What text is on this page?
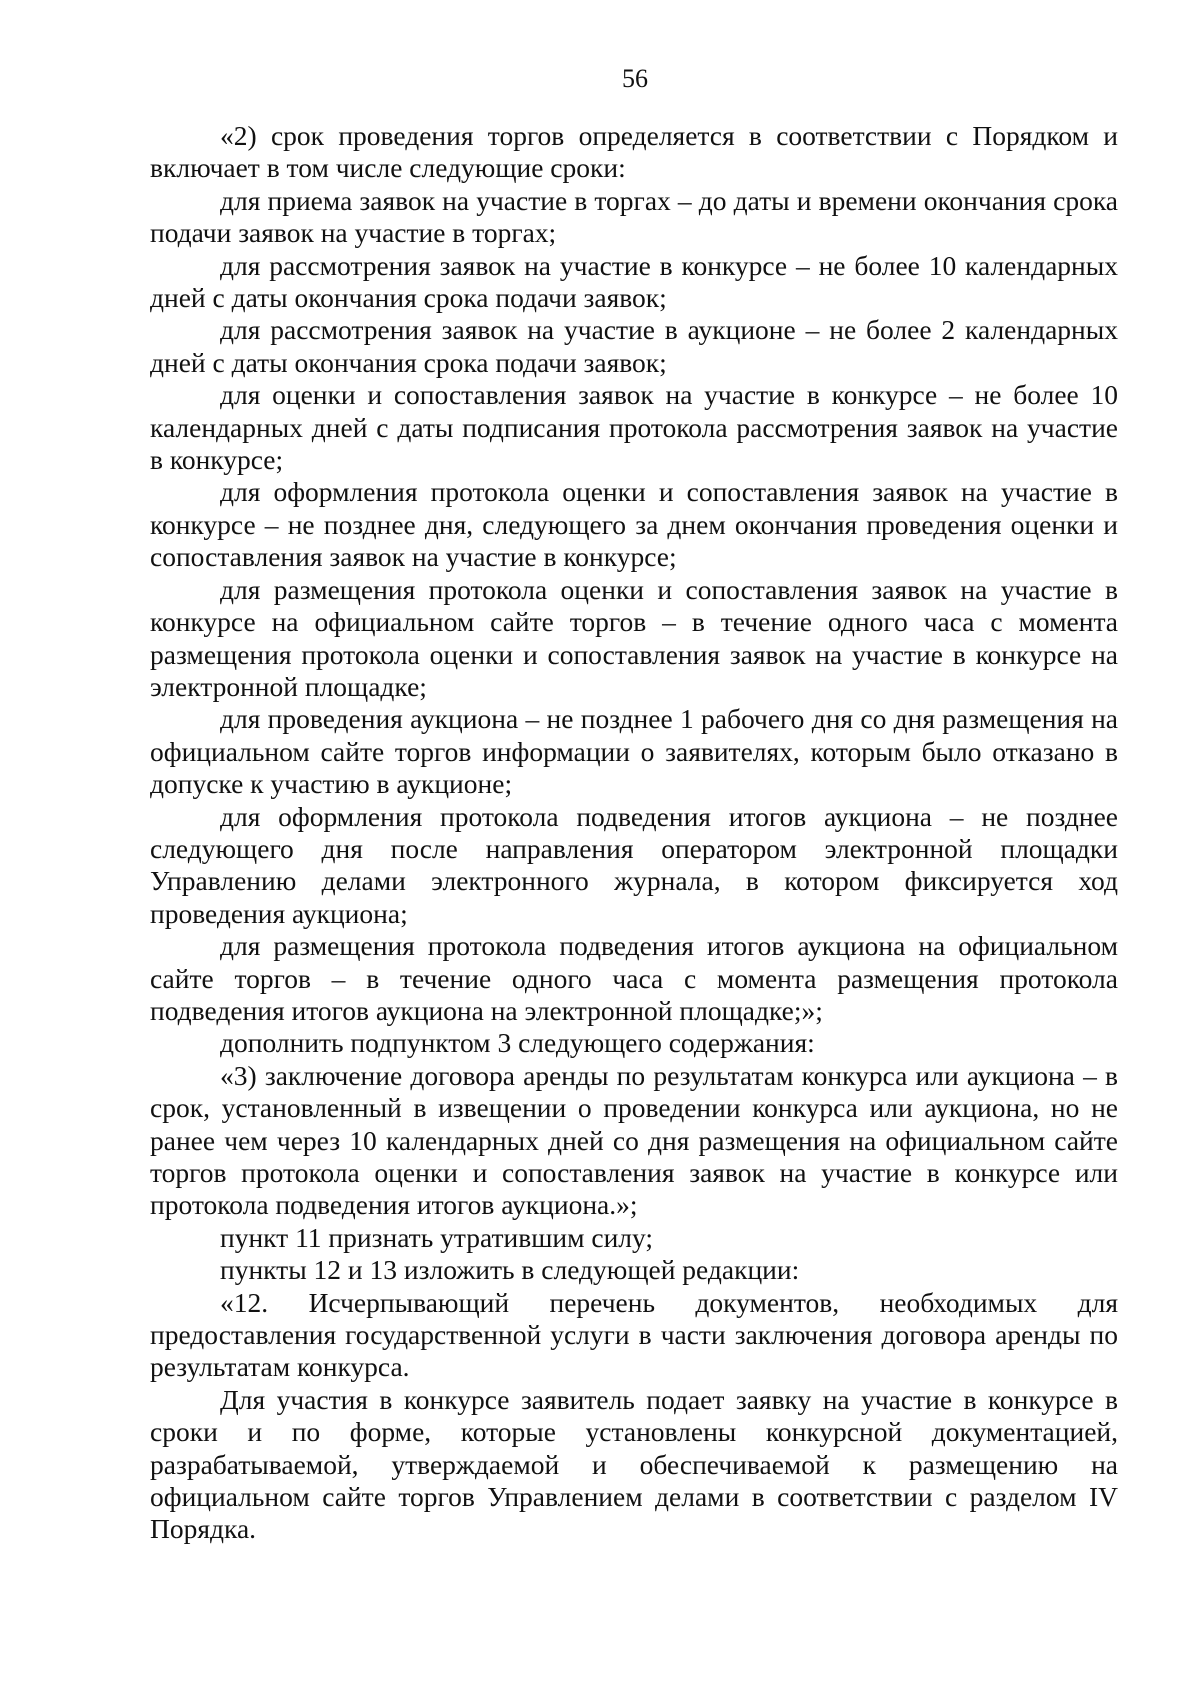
56

«2) срок проведения торгов определяется в соответствии с Порядком и включает в том числе следующие сроки:

для приема заявок на участие в торгах – до даты и времени окончания срока подачи заявок на участие в торгах;

для рассмотрения заявок на участие в конкурсе – не более 10 календарных дней с даты окончания срока подачи заявок;

для рассмотрения заявок на участие в аукционе – не более 2 календарных дней с даты окончания срока подачи заявок;

для оценки и сопоставления заявок на участие в конкурсе – не более 10 календарных дней с даты подписания протокола рассмотрения заявок на участие в конкурсе;

для оформления протокола оценки и сопоставления заявок на участие в конкурсе – не позднее дня, следующего за днем окончания проведения оценки и сопоставления заявок на участие в конкурсе;

для размещения протокола оценки и сопоставления заявок на участие в конкурсе на официальном сайте торгов – в течение одного часа с момента размещения протокола оценки и сопоставления заявок на участие в конкурсе на электронной площадке;

для проведения аукциона – не позднее 1 рабочего дня со дня размещения на официальном сайте торгов информации о заявителях, которым было отказано в допуске к участию в аукционе;

для оформления протокола подведения итогов аукциона – не позднее следующего дня после направления оператором электронной площадки Управлению делами электронного журнала, в котором фиксируется ход проведения аукциона;

для размещения протокола подведения итогов аукциона на официальном сайте торгов – в течение одного часа с момента размещения протокола подведения итогов аукциона на электронной площадке;»;

дополнить подпунктом 3 следующего содержания:

«3) заключение договора аренды по результатам конкурса или аукциона – в срок, установленный в извещении о проведении конкурса или аукциона, но не ранее чем через 10 календарных дней со дня размещения на официальном сайте торгов протокола оценки и сопоставления заявок на участие в конкурсе или протокола подведения итогов аукциона.»;

пункт 11 признать утратившим силу;

пункты 12 и 13 изложить в следующей редакции:

«12. Исчерпывающий перечень документов, необходимых для предоставления государственной услуги в части заключения договора аренды по результатам конкурса.

Для участия в конкурсе заявитель подает заявку на участие в конкурсе в сроки и по форме, которые установлены конкурсной документацией, разрабатываемой, утверждаемой и обеспечиваемой к размещению на официальном сайте торгов Управлением делами в соответствии с разделом IV Порядка.
